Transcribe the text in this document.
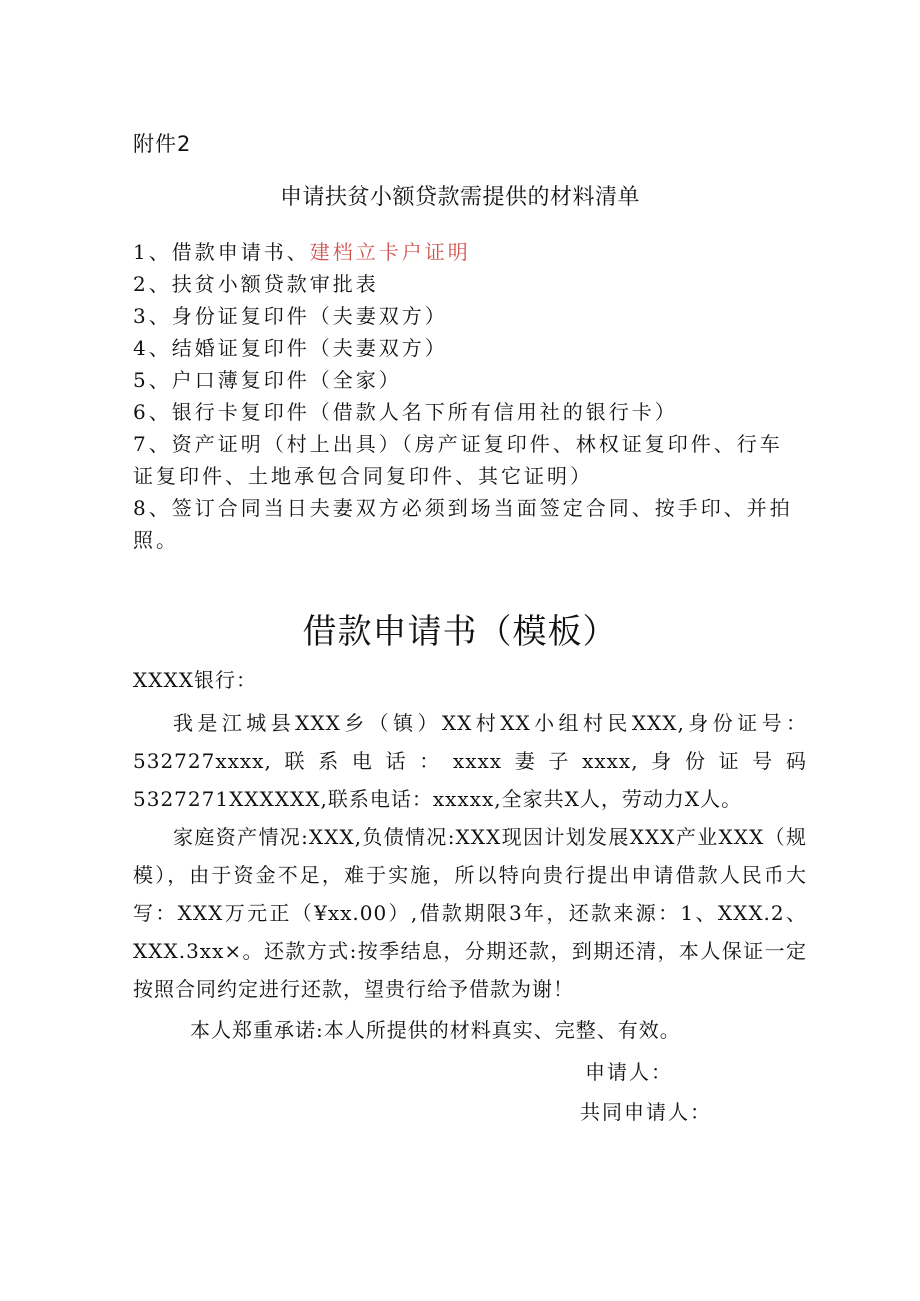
附件2
申请扶贫小额贷款需提供的材料清单
1、借款申请书、建档立卡户证明
2、扶贫小额贷款审批表
3、身份证复印件（夫妻双方）
4、结婚证复印件（夫妻双方）
5、户口薄复印件（全家）
6、银行卡复印件（借款人名下所有信用社的银行卡）
7、资产证明（村上出具）（房产证复印件、林权证复印件、行车证复印件、土地承包合同复印件、其它证明）
8、签订合同当日夫妻双方必须到场当面签定合同、按手印、并拍照。
借款申请书（模板）
XXXX银行：

我是江城县XXX乡（镇）XX村XX小组村民XXX,身份证号：532727xxxx,联系电话：xxxx妻子xxxx,身份证号码5327271XXXXXX,联系电话：xxxxx,全家共X人，劳动力X人。

家庭资产情况:XXX,负债情况:XXX现因计划发展XXX产业XXX（规模），由于资金不足，难于实施，所以特向贵行提出申请借款人民币大写：XXX万元正（¥xx.00）,借款期限3年，还款来源：1、XXX.2、XXX.3xx×。还款方式:按季结息，分期还款，到期还清，本人保证一定按照合同约定进行还款，望贵行给予借款为谢！

本人郑重承诺:本人所提供的材料真实、完整、有效。

申请人：
共同申请人：
